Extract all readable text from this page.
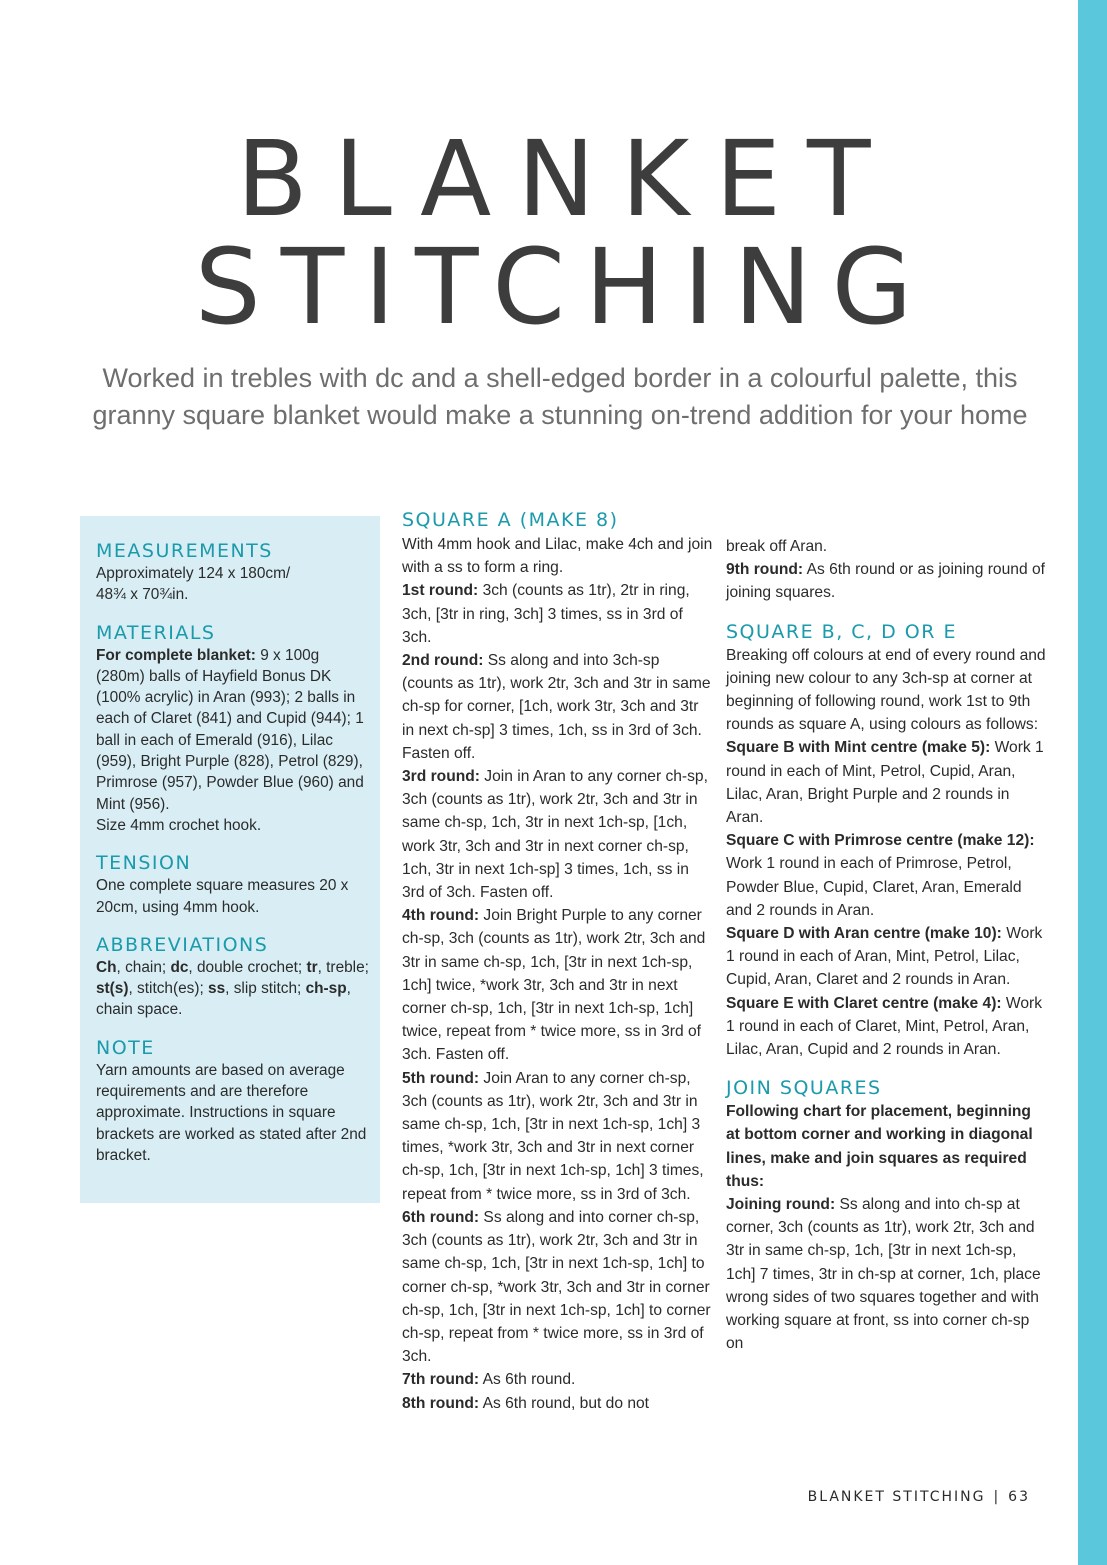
BLANKET
STITCHING
Worked in trebles with dc and a shell-edged border in a colourful palette, this
granny square blanket would make a stunning on-trend addition for your home
MEASUREMENTS

Approximately 124 x 180cm/ 48¾ x 70¾in.

MATERIALS

For complete blanket: 9 x 100g (280m) balls of Hayfield Bonus DK (100% acrylic) in Aran (993); 2 balls in each of Claret (841) and Cupid (944); 1 ball in each of Emerald (916), Lilac (959), Bright Purple (828), Petrol (829), Primrose (957), Powder Blue (960) and Mint (956).

Size 4mm crochet hook.

TENSION

One complete square measures 20 x 20cm, using 4mm hook.

ABBREVIATIONS

Ch, chain; dc, double crochet; tr, treble; st(s), stitch(es); ss, slip stitch; ch-sp, chain space.

NOTE

Yarn amounts are based on average requirements and are therefore approximate. Instructions in square brackets are worked as stated after 2nd bracket.

SQUARE A (MAKE 8)

With 4mm hook and Lilac, make 4ch and join with a ss to form a ring.

1st round: 3ch (counts as 1tr), 2tr in ring, 3ch, [3tr in ring, 3ch] 3 times, ss in 3rd of 3ch.

2nd round: Ss along and into 3ch-sp (counts as 1tr), work 2tr, 3ch and 3tr in same ch-sp for corner, [1ch, work 3tr, 3ch and 3tr in next ch-sp] 3 times, 1ch, ss in 3rd of 3ch. Fasten off.

3rd round: Join in Aran to any corner ch-sp, 3ch (counts as 1tr), work 2tr, 3ch and 3tr in same ch-sp, 1ch, 3tr in next 1ch-sp, [1ch, work 3tr, 3ch and 3tr in next corner ch-sp, 1ch, 3tr in next 1ch-sp] 3 times, 1ch, ss in 3rd of 3ch. Fasten off.

4th round: Join Bright Purple to any corner ch-sp, 3ch (counts as 1tr), work 2tr, 3ch and 3tr in same ch-sp, 1ch, [3tr in next 1ch-sp, 1ch] twice, *work 3tr, 3ch and 3tr in next corner ch-sp, 1ch, [3tr in next 1ch-sp, 1ch] twice, repeat from * twice more, ss in 3rd of 3ch. Fasten off.

5th round: Join Aran to any corner ch-sp, 3ch (counts as 1tr), work 2tr, 3ch and 3tr in same ch-sp, 1ch, [3tr in next 1ch-sp, 1ch] 3 times, *work 3tr, 3ch and 3tr in next corner ch-sp, 1ch, [3tr in next 1ch-sp, 1ch] 3 times, repeat from * twice more, ss in 3rd of 3ch.

6th round: Ss along and into corner ch-sp, 3ch (counts as 1tr), work 2tr, 3ch and 3tr in same ch-sp, 1ch, [3tr in next 1ch-sp, 1ch] to corner ch-sp, *work 3tr, 3ch and 3tr in corner ch-sp, 1ch, [3tr in next 1ch-sp, 1ch] to corner ch-sp, repeat from * twice more, ss in 3rd of 3ch.

7th round: As 6th round.

8th round: As 6th round, but do not

break off Aran.

9th round: As 6th round or as joining round of joining squares.

SQUARE B, C, D OR E

Breaking off colours at end of every round and joining new colour to any 3ch-sp at corner at beginning of following round, work 1st to 9th rounds as square A, using colours as follows:

Square B with Mint centre (make 5): Work 1 round in each of Mint, Petrol, Cupid, Aran, Lilac, Aran, Bright Purple and 2 rounds in Aran.

Square C with Primrose centre (make 12): Work 1 round in each of Primrose, Petrol, Powder Blue, Cupid, Claret, Aran, Emerald and 2 rounds in Aran.

Square D with Aran centre (make 10): Work 1 round in each of Aran, Mint, Petrol, Lilac, Cupid, Aran, Claret and 2 rounds in Aran.

Square E with Claret centre (make 4): Work 1 round in each of Claret, Mint, Petrol, Aran, Lilac, Aran, Cupid and 2 rounds in Aran.

JOIN SQUARES

Following chart for placement, beginning at bottom corner and working in diagonal lines, make and join squares as required thus:

Joining round: Ss along and into ch-sp at corner, 3ch (counts as 1tr), work 2tr, 3ch and 3tr in same ch-sp, 1ch, [3tr in next 1ch-sp, 1ch] 7 times, 3tr in ch-sp at corner, 1ch, place wrong sides of two squares together and with working square at front, ss into corner ch-sp on

BLANKET STITCHING | 63
